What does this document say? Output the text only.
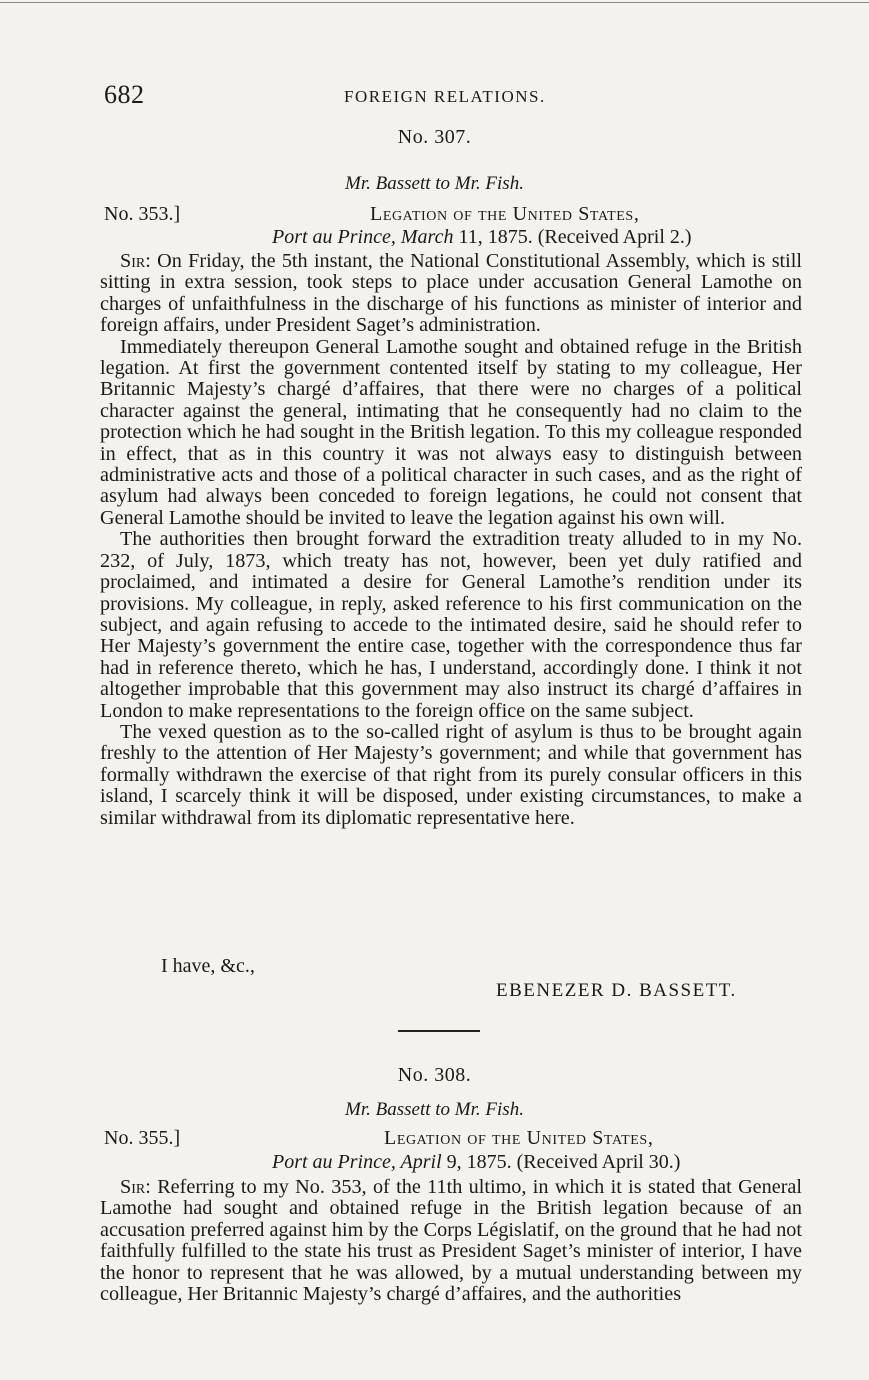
682	FOREIGN RELATIONS.
No. 307.
Mr. Bassett to Mr. Fish.
No. 353.]	Legation of the United States,
Port au Prince, March 11, 1875. (Received April 2.)

Sir: On Friday, the 5th instant, the National Constitutional Assembly, which is still sitting in extra session, took steps to place under accusation General Lamothe on charges of unfaithfulness in the discharge of his functions as minister of interior and foreign affairs, under President Saget’s administration.

Immediately thereupon General Lamothe sought and obtained refuge in the British legation. At first the government contented itself by stating to my colleague, Her Britannic Majesty’s chargé d’affaires, that there were no charges of a political character against the general, intimating that he consequently had no claim to the protection which he had sought in the British legation. To this my colleague responded in effect, that as in this country it was not always easy to distinguish between administrative acts and those of a political character in such cases, and as the right of asylum had always been conceded to foreign legations, he could not consent that General Lamothe should be invited to leave the legation against his own will.

The authorities then brought forward the extradition treaty alluded to in my No. 232, of July, 1873, which treaty has not, however, been yet duly ratified and proclaimed, and intimated a desire for General Lamothe’s rendition under its provisions. My colleague, in reply, asked reference to his first communication on the subject, and again refusing to accede to the intimated desire, said he should refer to Her Majesty’s government the entire case, together with the correspondence thus far had in reference thereto, which he has, I understand, accordingly done. I think it not altogether improbable that this government may also instruct its chargé d’affaires in London to make representations to the foreign office on the same subject.

The vexed question as to the so-called right of asylum is thus to be brought again freshly to the attention of Her Majesty’s government; and while that government has formally withdrawn the exercise of that right from its purely consular officers in this island, I scarcely think it will be disposed, under existing circumstances, to make a similar withdrawal from its diplomatic representative here.

I have, &c.,
EBENEZER D. BASSETT.
No. 308.
Mr. Bassett to Mr. Fish.
No. 355.]	Legation of the United States,
Port au Prince, April 9, 1875. (Received April 30.)

Sir: Referring to my No. 353, of the 11th ultimo, in which it is stated that General Lamothe had sought and obtained refuge in the British legation because of an accusation preferred against him by the Corps Législatif, on the ground that he had not faithfully fulfilled to the state his trust as President Saget’s minister of interior, I have the honor to represent that he was allowed, by a mutual understanding between my colleague, Her Britannic Majesty’s chargé d’affaires, and the authorities
